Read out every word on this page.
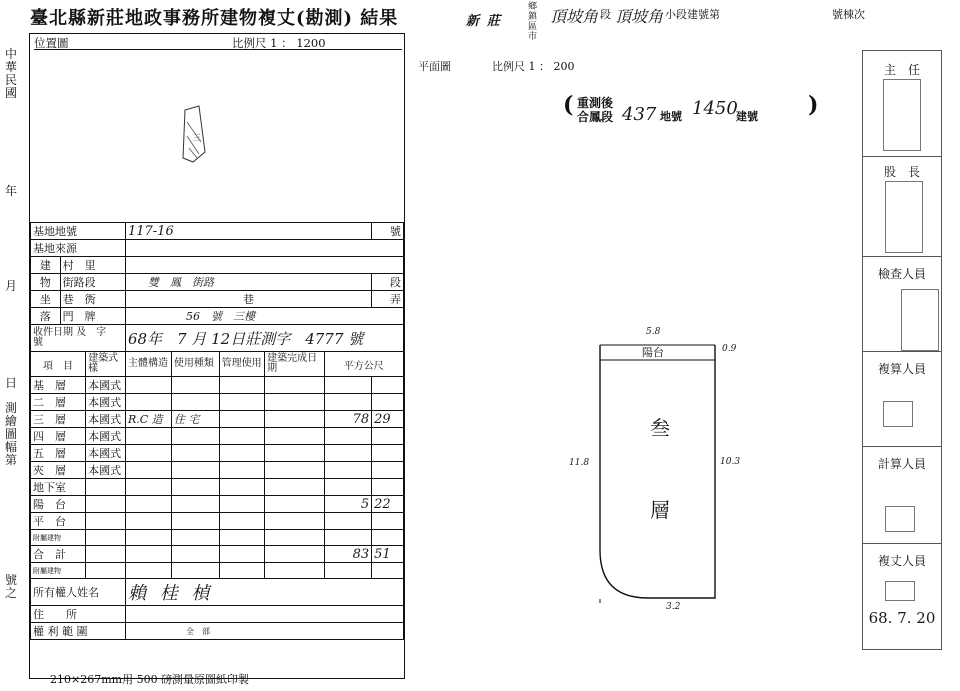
臺北縣新莊地政事務所建物複丈(勘測) 結果
中
華
民
國
年
月
日
測
繪
圖
幅
第
號
之
位置圖	比例尺 1 ： 1200
三
基地地號			117-16					號
基地來源								
建	村　里							
物	街路段		雙　鳳　街路					段
坐	巷　衖		巷					弄
落	門　牌		56　號　三樓					
收件日期 及　字　號			68年　7 月 12日莊測字　4777 號					
項　目		建築式樣	主體構造	使用種類	管理使用	建築完成日　期	平方公尺	
基　層		本國式						
二　層		本國式						
三　層		本國式	R.C 造	住 宅			78	29
四　層		本國式						
五　層		本國式						
夾　層		本國式						
地下室								
陽　台							5	22
平　台								
附屬建物								
合　計							83	51
附屬建物								
所有權人姓名			賴 桂 楨					
住　　所								
權 利 範 圍			全　部					
210×267mm用 500 磅測量原圖紙印製
新莊
鄉鎮區市
頂坡角 段 頂坡角 小段建號第	號棟次
平面圖	比例尺 1 ： 200
( 重測後
合鳳段 437 地號 1450
建號 )
5.8
陽台	0.9
叁
層
11.8	10.3
3.2
主　任
股　長
檢查人員
複算人員
計算人員
複丈人員
68. 7. 20
